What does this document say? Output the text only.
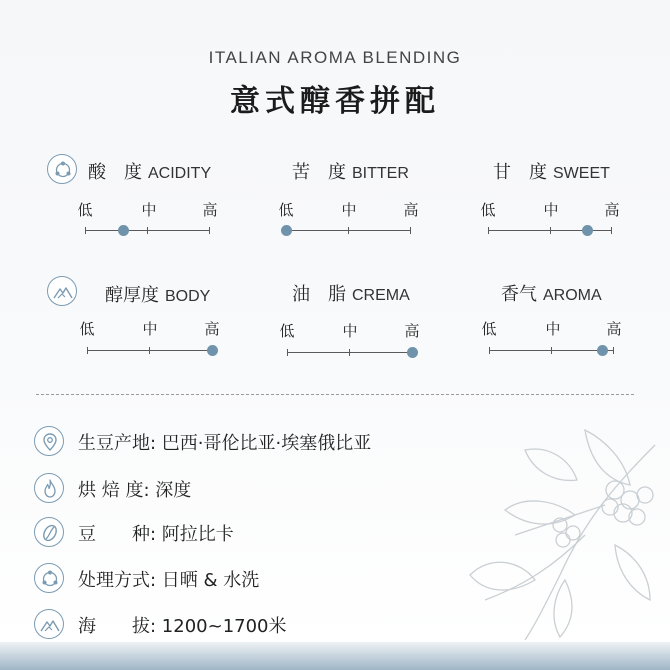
ITALIAN AROMA BLENDING
意式醇香拼配
酸　度 ACIDITY
低	中	高
苦　度 BITTER
低	中	高
甘　度 SWEET
低	中	高
醇厚度 BODY
低	中	高
油　脂 CREMA
低	中	高
香气 AROMA
低	中	高
生豆产地: 巴西·哥伦比亚·埃塞俄比亚
烘 焙 度: 深度
豆　　种: 阿拉比卡
处理方式: 日晒 & 水洗
海　　拔: 1200~1700米
